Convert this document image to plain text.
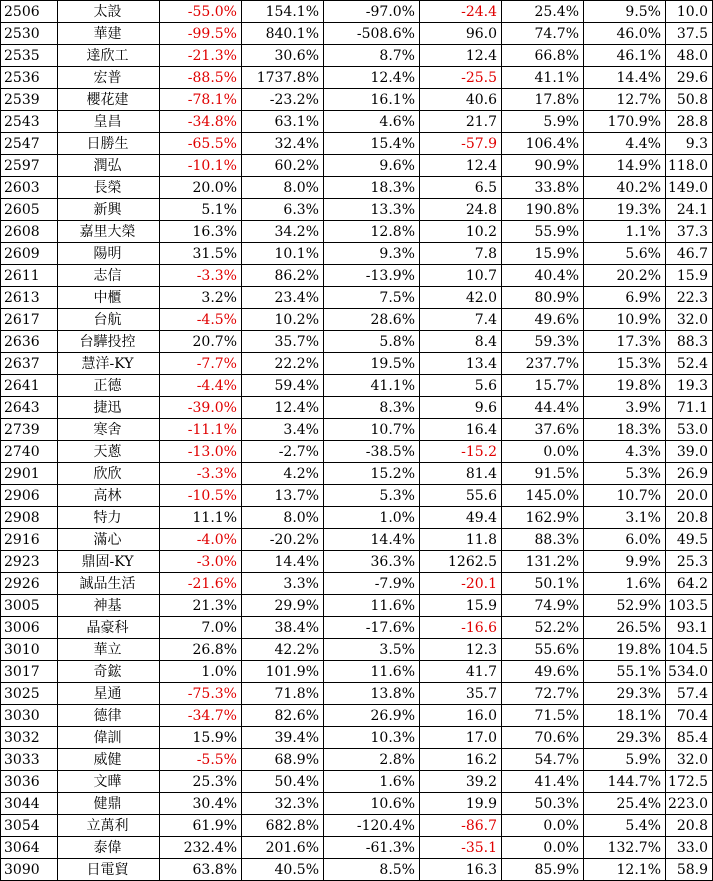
2506	太設	-55.0%	154.1%	-97.0%	-24.4	25.4%	9.5%	10.0
2530	華建	-99.5%	840.1%	-508.6%	96.0	74.7%	46.0%	37.5
2535	達欣工	-21.3%	30.6%	8.7%	12.4	66.8%	46.1%	48.0
2536	宏普	-88.5%	1737.8%	12.4%	-25.5	41.1%	14.4%	29.6
2539	櫻花建	-78.1%	-23.2%	16.1%	40.6	17.8%	12.7%	50.8
2543	皇昌	-34.8%	63.1%	4.6%	21.7	5.9%	170.9%	28.8
2547	日勝生	-65.5%	32.4%	15.4%	-57.9	106.4%	4.4%	9.3
2597	潤弘	-10.1%	60.2%	9.6%	12.4	90.9%	14.9%	118.0
2603	長榮	20.0%	8.0%	18.3%	6.5	33.8%	40.2%	149.0
2605	新興	5.1%	6.3%	13.3%	24.8	190.8%	19.3%	24.1
2608	嘉里大榮	16.3%	34.2%	12.8%	10.2	55.9%	1.1%	37.3
2609	陽明	31.5%	10.1%	9.3%	7.8	15.9%	5.6%	46.7
2611	志信	-3.3%	86.2%	-13.9%	10.7	40.4%	20.2%	15.9
2613	中櫃	3.2%	23.4%	7.5%	42.0	80.9%	6.9%	22.3
2617	台航	-4.5%	10.2%	28.6%	7.4	49.6%	10.9%	32.0
2636	台驊投控	20.7%	35.7%	5.8%	8.4	59.3%	17.3%	88.3
2637	慧洋-KY	-7.7%	22.2%	19.5%	13.4	237.7%	15.3%	52.4
2641	正德	-4.4%	59.4%	41.1%	5.6	15.7%	19.8%	19.3
2643	捷迅	-39.0%	12.4%	8.3%	9.6	44.4%	3.9%	71.1
2739	寒舍	-11.1%	3.4%	10.7%	16.4	37.6%	18.3%	53.0
2740	天蔥	-13.0%	-2.7%	-38.5%	-15.2	0.0%	4.3%	39.0
2901	欣欣	-3.3%	4.2%	15.2%	81.4	91.5%	5.3%	26.9
2906	高林	-10.5%	13.7%	5.3%	55.6	145.0%	10.7%	20.0
2908	特力	11.1%	8.0%	1.0%	49.4	162.9%	3.1%	20.8
2916	滿心	-4.0%	-20.2%	14.4%	11.8	88.3%	6.0%	49.5
2923	鼎固-KY	-3.0%	14.4%	36.3%	1262.5	131.2%	9.9%	25.3
2926	誠品生活	-21.6%	3.3%	-7.9%	-20.1	50.1%	1.6%	64.2
3005	神基	21.3%	29.9%	11.6%	15.9	74.9%	52.9%	103.5
3006	晶豪科	7.0%	38.4%	-17.6%	-16.6	52.2%	26.5%	93.1
3010	華立	26.8%	42.2%	3.5%	12.3	55.6%	19.8%	104.5
3017	奇鋐	1.0%	101.9%	11.6%	41.7	49.6%	55.1%	534.0
3025	星通	-75.3%	71.8%	13.8%	35.7	72.7%	29.3%	57.4
3030	德律	-34.7%	82.6%	26.9%	16.0	71.5%	18.1%	70.4
3032	偉訓	15.9%	39.4%	10.3%	17.0	70.6%	29.3%	85.4
3033	威健	-5.5%	68.9%	2.8%	16.2	54.7%	5.9%	32.0
3036	文曄	25.3%	50.4%	1.6%	39.2	41.4%	144.7%	172.5
3044	健鼎	30.4%	32.3%	10.6%	19.9	50.3%	25.4%	223.0
3054	立萬利	61.9%	682.8%	-120.4%	-86.7	0.0%	5.4%	20.8
3064	泰偉	232.4%	201.6%	-61.3%	-35.1	0.0%	132.7%	33.0
3090	日電貿	63.8%	40.5%	8.5%	16.3	85.9%	12.1%	58.9
